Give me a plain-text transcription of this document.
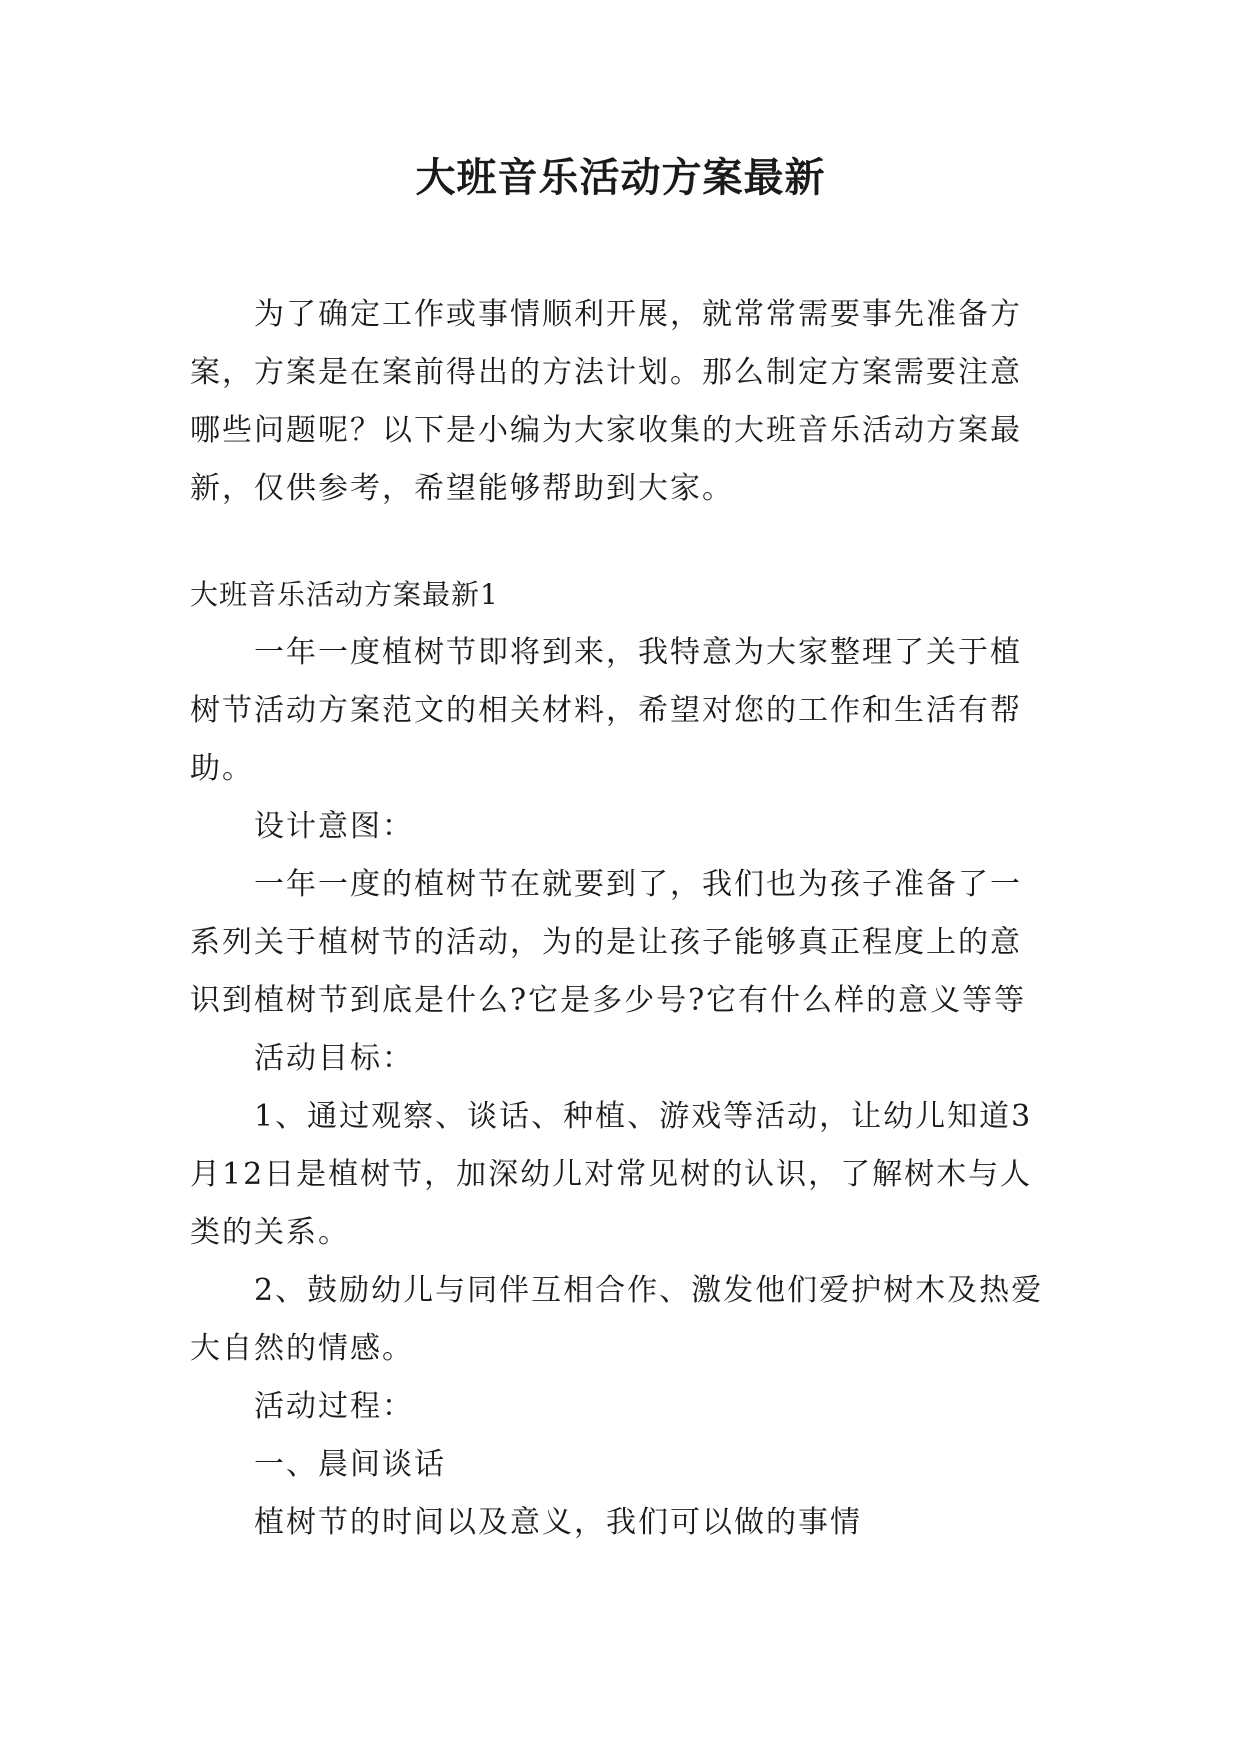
大班音乐活动方案最新

为了确定工作或事情顺利开展，就常常需要事先准备方案，方案是在案前得出的方法计划。那么制定方案需要注意哪些问题呢？以下是小编为大家收集的大班音乐活动方案最新，仅供参考，希望能够帮助到大家。

大班音乐活动方案最新1

一年一度植树节即将到来，我特意为大家整理了关于植树节活动方案范文的相关材料，希望对您的工作和生活有帮助。

设计意图：

一年一度的植树节在就要到了，我们也为孩子准备了一系列关于植树节的活动，为的是让孩子能够真正程度上的意识到植树节到底是什么?它是多少号?它有什么样的意义等等

活动目标：

1、通过观察、谈话、种植、游戏等活动，让幼儿知道3月12日是植树节，加深幼儿对常见树的认识，了解树木与人类的关系。

2、鼓励幼儿与同伴互相合作、激发他们爱护树木及热爱大自然的情感。

活动过程：

一、晨间谈话

植树节的时间以及意义，我们可以做的事情
